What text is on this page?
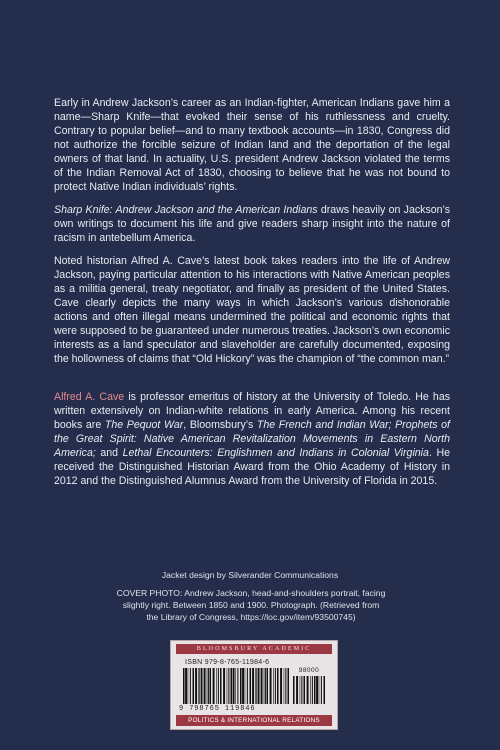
Early in Andrew Jackson’s career as an Indian-fighter, American Indians gave him a name—Sharp Knife—that evoked their sense of his ruthlessness and cruelty. Contrary to popular belief—and to many textbook accounts—in 1830, Congress did not authorize the forcible seizure of Indian land and the deportation of the legal owners of that land. In actuality, U.S. president Andrew Jackson violated the terms of the Indian Removal Act of 1830, choosing to believe that he was not bound to protect Native Indian individuals’ rights.

Sharp Knife: Andrew Jackson and the American Indians draws heavily on Jackson’s own writings to document his life and give readers sharp insight into the nature of racism in antebellum America.

Noted historian Alfred A. Cave’s latest book takes readers into the life of Andrew Jackson, paying particular attention to his interactions with Native American peoples as a militia general, treaty negotiator, and finally as president of the United States. Cave clearly depicts the many ways in which Jackson’s various dishonorable actions and often illegal means undermined the political and economic rights that were supposed to be guaranteed under numerous treaties. Jackson’s own economic interests as a land speculator and slaveholder are carefully documented, exposing the hollowness of claims that “Old Hickory” was the champion of “the common man.”

Alfred A. Cave is professor emeritus of history at the University of Toledo. He has written extensively on Indian-white relations in early America. Among his recent books are The Pequot War, Bloomsbury’s The French and Indian War; Prophets of the Great Spirit: Native American Revitalization Movements in Eastern North America; and Lethal Encounters: Englishmen and Indians in Colonial Virginia. He received the Distinguished Historian Award from the Ohio Academy of History in 2012 and the Distinguished Alumnus Award from the University of Florida in 2015.

Jacket design by Silverander Communications
COVER PHOTO: Andrew Jackson, head-and-shoulders portrait, facing slightly right. Between 1850 and 1900. Photograph. (Retrieved from the Library of Congress, https://loc.gov/item/93500745)
BLOOMSBURY ACADEMIC
ISBN 979-8-765-11984-6
98000
9 798765 119846
POLITICS & INTERNATIONAL RELATIONS
